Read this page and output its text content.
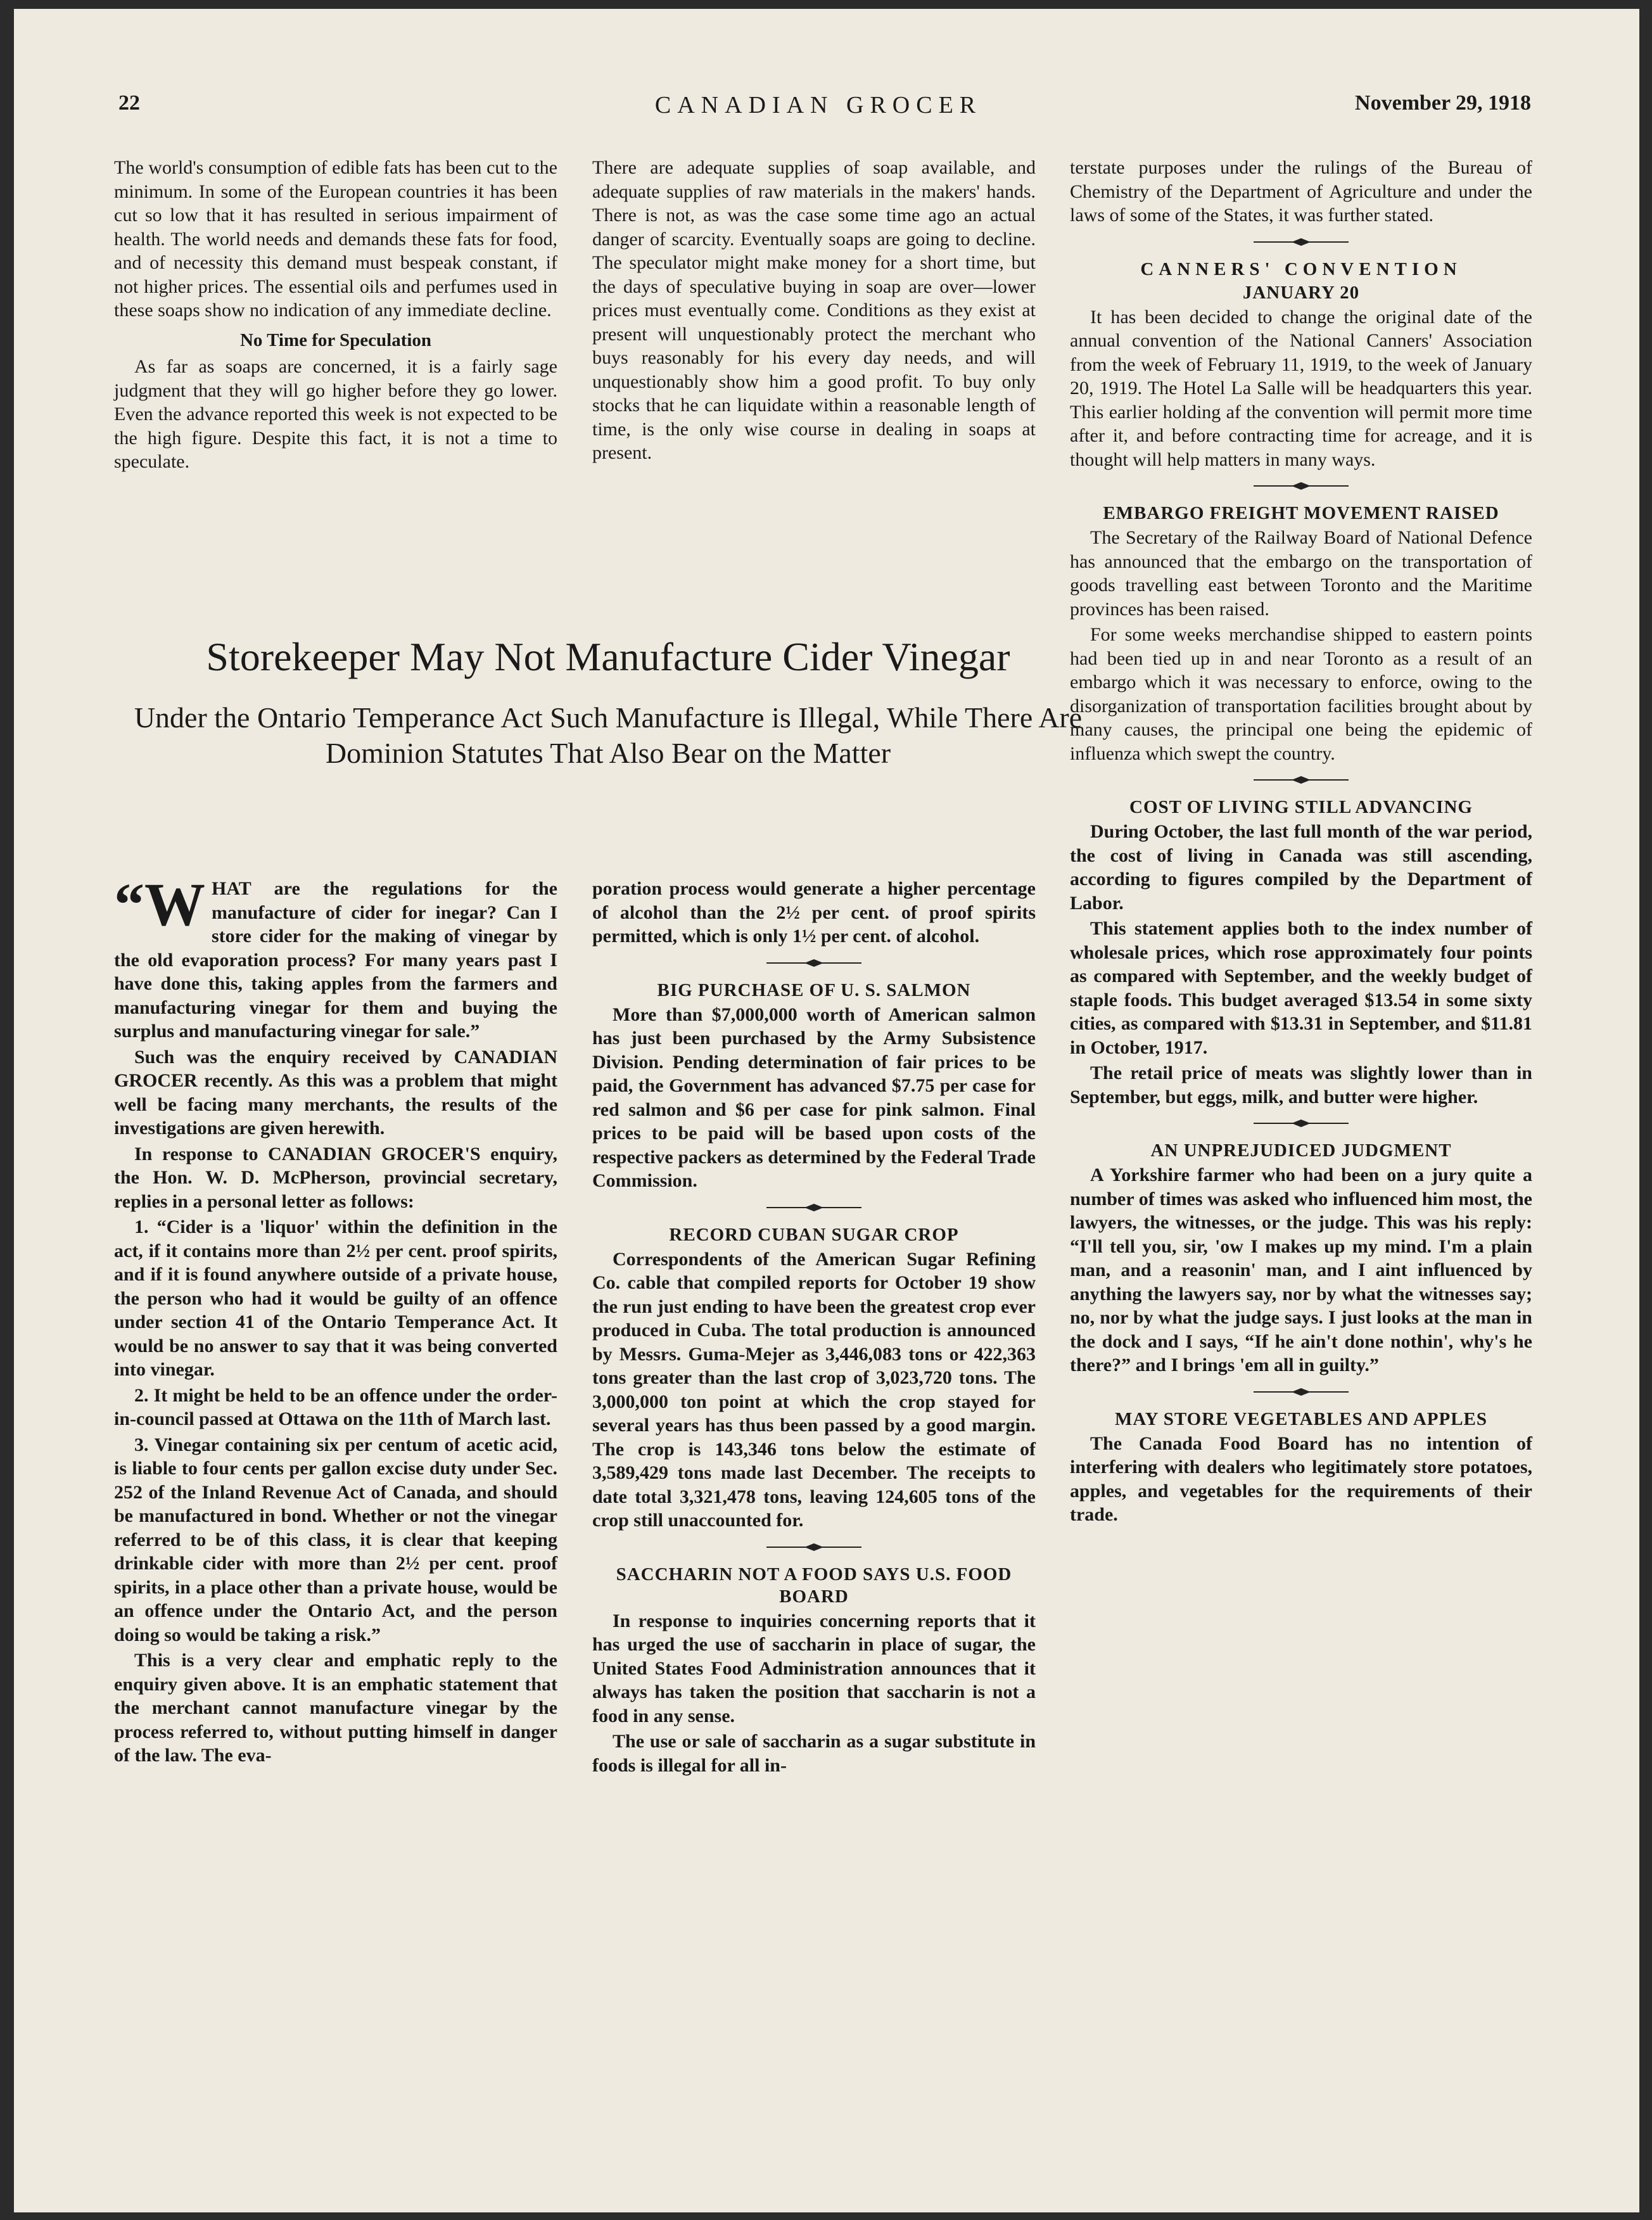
22	CANADIAN GROCER	November 29, 1918

The world's consumption of edible fats has been cut to the minimum. In some of the European countries it has been cut so low that it has resulted in serious impairment of health. The world needs and demands these fats for food, and of necessity this demand must bespeak constant, if not higher prices. The essential oils and perfumes used in these soaps show no indication of any immediate decline.

No Time for Speculation

As far as soaps are concerned, it is a fairly sage judgment that they will go higher before they go lower. Even the advance reported this week is not expected to be the high figure. Despite this fact, it is not a time to speculate.

There are adequate supplies of soap available, and adequate supplies of raw materials in the makers' hands. There is not, as was the case some time ago an actual danger of scarcity. Eventually soaps are going to decline. The speculator might make money for a short time, but the days of speculative buying in soap are over—lower prices must eventually come. Conditions as they exist at present will unquestionably protect the merchant who buys reasonably for his every day needs, and will unquestionably show him a good profit. To buy only stocks that he can liquidate within a reasonable length of time, is the only wise course in dealing in soaps at present.

terstate purposes under the rulings of the Bureau of Chemistry of the Department of Agriculture and under the laws of some of the States, it was further stated.

CANNERS' CONVENTION
JANUARY 20

It has been decided to change the original date of the annual convention of the National Canners' Association from the week of February 11, 1919, to the week of January 20, 1919. The Hotel La Salle will be headquarters this year. This earlier holding af the convention will permit more time after it, and before contracting time for acreage, and it is thought will help matters in many ways.

EMBARGO FREIGHT MOVEMENT RAISED

The Secretary of the Railway Board of National Defence has announced that the embargo on the transportation of goods travelling east between Toronto and the Maritime provinces has been raised.

For some weeks merchandise shipped to eastern points had been tied up in and near Toronto as a result of an embargo which it was necessary to enforce, owing to the disorganization of transportation facilities brought about by many causes, the principal one being the epidemic of influenza which swept the country.

COST OF LIVING STILL ADVANCING

During October, the last full month of the war period, the cost of living in Canada was still ascending, according to figures compiled by the Department of Labor.

This statement applies both to the index number of wholesale prices, which rose approximately four points as compared with September, and the weekly budget of staple foods. This budget averaged $13.54 in some sixty cities, as compared with $13.31 in September, and $11.81 in October, 1917.

The retail price of meats was slightly lower than in September, but eggs, milk, and butter were higher.

AN UNPREJUDICED JUDGMENT

A Yorkshire farmer who had been on a jury quite a number of times was asked who influenced him most, the lawyers, the witnesses, or the judge. This was his reply: “I'll tell you, sir, 'ow I makes up my mind. I'm a plain man, and a reasonin' man, and I aint influenced by anything the lawyers say, nor by what the witnesses say; no, nor by what the judge says. I just looks at the man in the dock and I says, “If he ain't done nothin', why's he there?” and I brings 'em all in guilty.”

MAY STORE VEGETABLES AND APPLES

The Canada Food Board has no intention of interfering with dealers who legitimately store potatoes, apples, and vegetables for the requirements of their trade.

Storekeeper May Not Manufacture Cider Vinegar
Under the Ontario Temperance Act Such Manufacture is Illegal, While There Are Dominion Statutes That Also Bear on the Matter

“WHAT are the regulations for the manufacture of cider for inegar? Can I store cider for the making of vinegar by the old evaporation process? For many years past I have done this, taking apples from the farmers and manufacturing vinegar for them and buying the surplus and manufacturing vinegar for sale.”

Such was the enquiry received by CANADIAN GROCER recently. As this was a problem that might well be facing many merchants, the results of the investigations are given herewith.

In response to CANADIAN GROCER'S enquiry, the Hon. W. D. McPherson, provincial secretary, replies in a personal letter as follows:

1. “Cider is a 'liquor' within the definition in the act, if it contains more than 2½ per cent. proof spirits, and if it is found anywhere outside of a private house, the person who had it would be guilty of an offence under section 41 of the Ontario Temperance Act. It would be no answer to say that it was being converted into vinegar.

2. It might be held to be an offence under the order-in-council passed at Ottawa on the 11th of March last.

3. Vinegar containing six per centum of acetic acid, is liable to four cents per gallon excise duty under Sec. 252 of the Inland Revenue Act of Canada, and should be manufactured in bond. Whether or not the vinegar referred to be of this class, it is clear that keeping drinkable cider with more than 2½ per cent. proof spirits, in a place other than a private house, would be an offence under the Ontario Act, and the person doing so would be taking a risk.”

This is a very clear and emphatic reply to the enquiry given above. It is an emphatic statement that the merchant cannot manufacture vinegar by the process referred to, without putting himself in danger of the law. The eva-

poration process would generate a higher percentage of alcohol than the 2½ per cent. of proof spirits permitted, which is only 1½ per cent. of alcohol.

BIG PURCHASE OF U. S. SALMON

More than $7,000,000 worth of American salmon has just been purchased by the Army Subsistence Division. Pending determination of fair prices to be paid, the Government has advanced $7.75 per case for red salmon and $6 per case for pink salmon. Final prices to be paid will be based upon costs of the respective packers as determined by the Federal Trade Commission.

RECORD CUBAN SUGAR CROP

Correspondents of the American Sugar Refining Co. cable that compiled reports for October 19 show the run just ending to have been the greatest crop ever produced in Cuba. The total production is announced by Messrs. Guma-Mejer as 3,446,083 tons or 422,363 tons greater than the last crop of 3,023,720 tons. The 3,000,000 ton point at which the crop stayed for several years has thus been passed by a good margin. The crop is 143,346 tons below the estimate of 3,589,429 tons made last December. The receipts to date total 3,321,478 tons, leaving 124,605 tons of the crop still unaccounted for.

SACCHARIN NOT A FOOD SAYS U.S. FOOD BOARD

In response to inquiries concerning reports that it has urged the use of saccharin in place of sugar, the United States Food Administration announces that it always has taken the position that saccharin is not a food in any sense.

The use or sale of saccharin as a sugar substitute in foods is illegal for all in-
